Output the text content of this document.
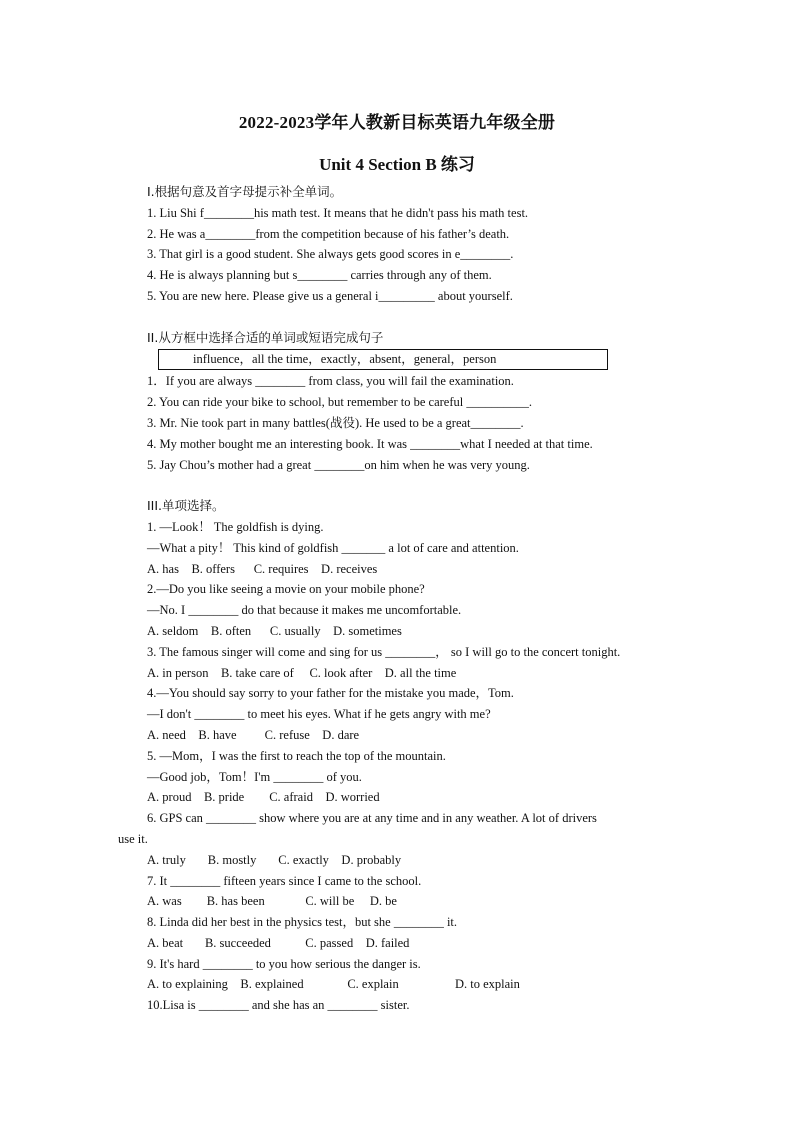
2022-2023学年人教新目标英语九年级全册
Unit 4 Section B 练习
I.根据句意及首字母提示补全单词。
1. Liu Shi f________his math test. It means that he didn't pass his math test.
2. He was a________from the competition because of his father’s death.
3. That girl is a good student. She always gets good scores in e________.
4. He is always planning but s________ carries through any of them.
5. You are new here. Please give us a general i_________ about yourself.
II.从方框中选择合适的单词或短语完成句子
influence，all the time，exactly，absent，general，person
1．If you are always ________ from class, you will fail the examination.
2. You can ride your bike to school, but remember to be careful __________.
3. Mr. Nie took part in many battles(战役). He used to be a great________.
4. My mother bought me an interesting book. It was ________what I needed at that time.
5. Jay Chou’s mother had a great ________on him when he was very young.
III.单项选择。
1. —Look！ The goldfish is dying.
—What a pity！ This kind of goldfish _______ a lot of care and attention.
A. has    B. offers      C. requires    D. receives
2.—Do you like seeing a movie on your mobile phone?
—No. I ________ do that because it makes me uncomfortable.
A. seldom    B. often      C. usually    D. sometimes
3. The famous singer will come and sing for us ________， so I will go to the concert tonight.
A. in person    B. take care of     C. look after    D. all the time
4.—You should say sorry to your father for the mistake you made，Tom.
—I don't ________ to meet his eyes. What if he gets angry with me?
A. need    B. have         C. refuse    D. dare
5. —Mom，I was the first to reach the top of the mountain.
—Good job，Tom！I'm ________ of you.
A. proud    B. pride        C. afraid    D. worried
6. GPS can ________ show where you are at any time and in any weather. A lot of drivers
use it.
A. truly       B. mostly       C. exactly    D. probably
7. It ________ fifteen years since I came to the school.
A. was        B. has been             C. will be     D. be
8. Linda did her best in the physics test，but she ________ it.
A. beat       B. succeeded           C. passed    D. failed
9. It's hard ________ to you how serious the danger is.
A. to explaining    B. explained              C. explain                  D. to explain
10.Lisa is ________ and she has an ________ sister.
